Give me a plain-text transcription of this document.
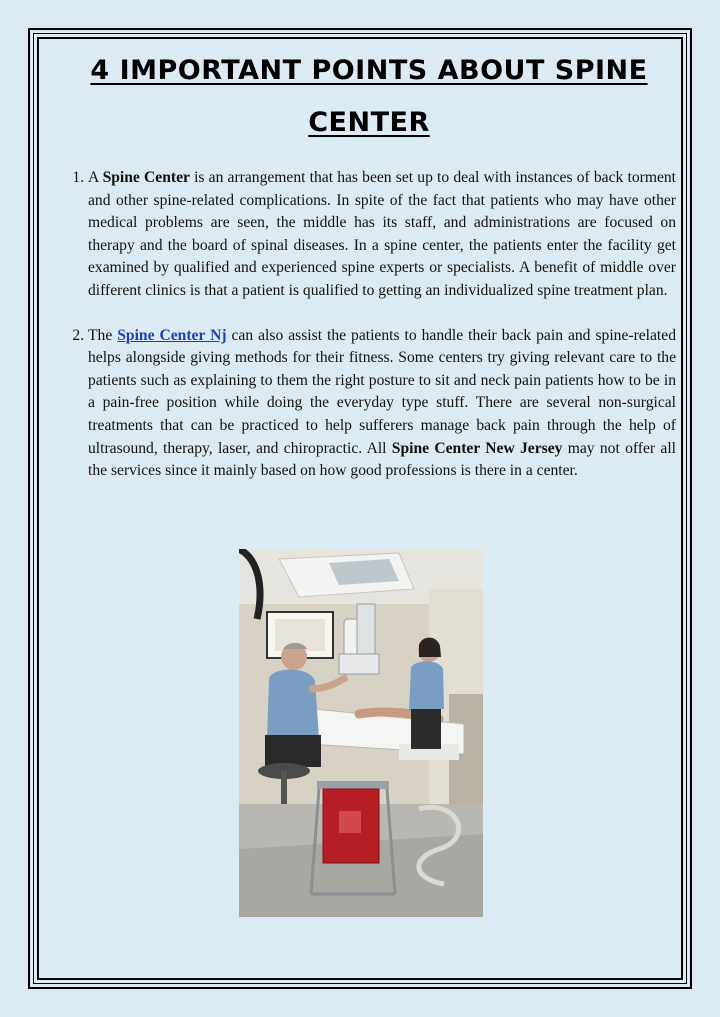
4 IMPORTANT POINTS ABOUT SPINE
CENTER
1. A Spine Center is an arrangement that has been set up to deal with instances of back torment and other spine-related complications. In spite of the fact that patients who may have other medical problems are seen, the middle has its staff, and administrations are focused on therapy and the board of spinal diseases. In a spine center, the patients enter the facility get examined by qualified and experienced spine experts or specialists. A benefit of middle over different clinics is that a patient is qualified to getting an individualized spine treatment plan.
2. The Spine Center Nj can also assist the patients to handle their back pain and spine-related helps alongside giving methods for their fitness. Some centers try giving relevant care to the patients such as explaining to them the right posture to sit and neck pain patients how to be in a pain-free position while doing the everyday type stuff. There are several non-surgical treatments that can be practiced to help sufferers manage back pain through the help of ultrasound, therapy, laser, and chiropractic. All Spine Center New Jersey may not offer all the services since it mainly based on how good professions is there in a center.
